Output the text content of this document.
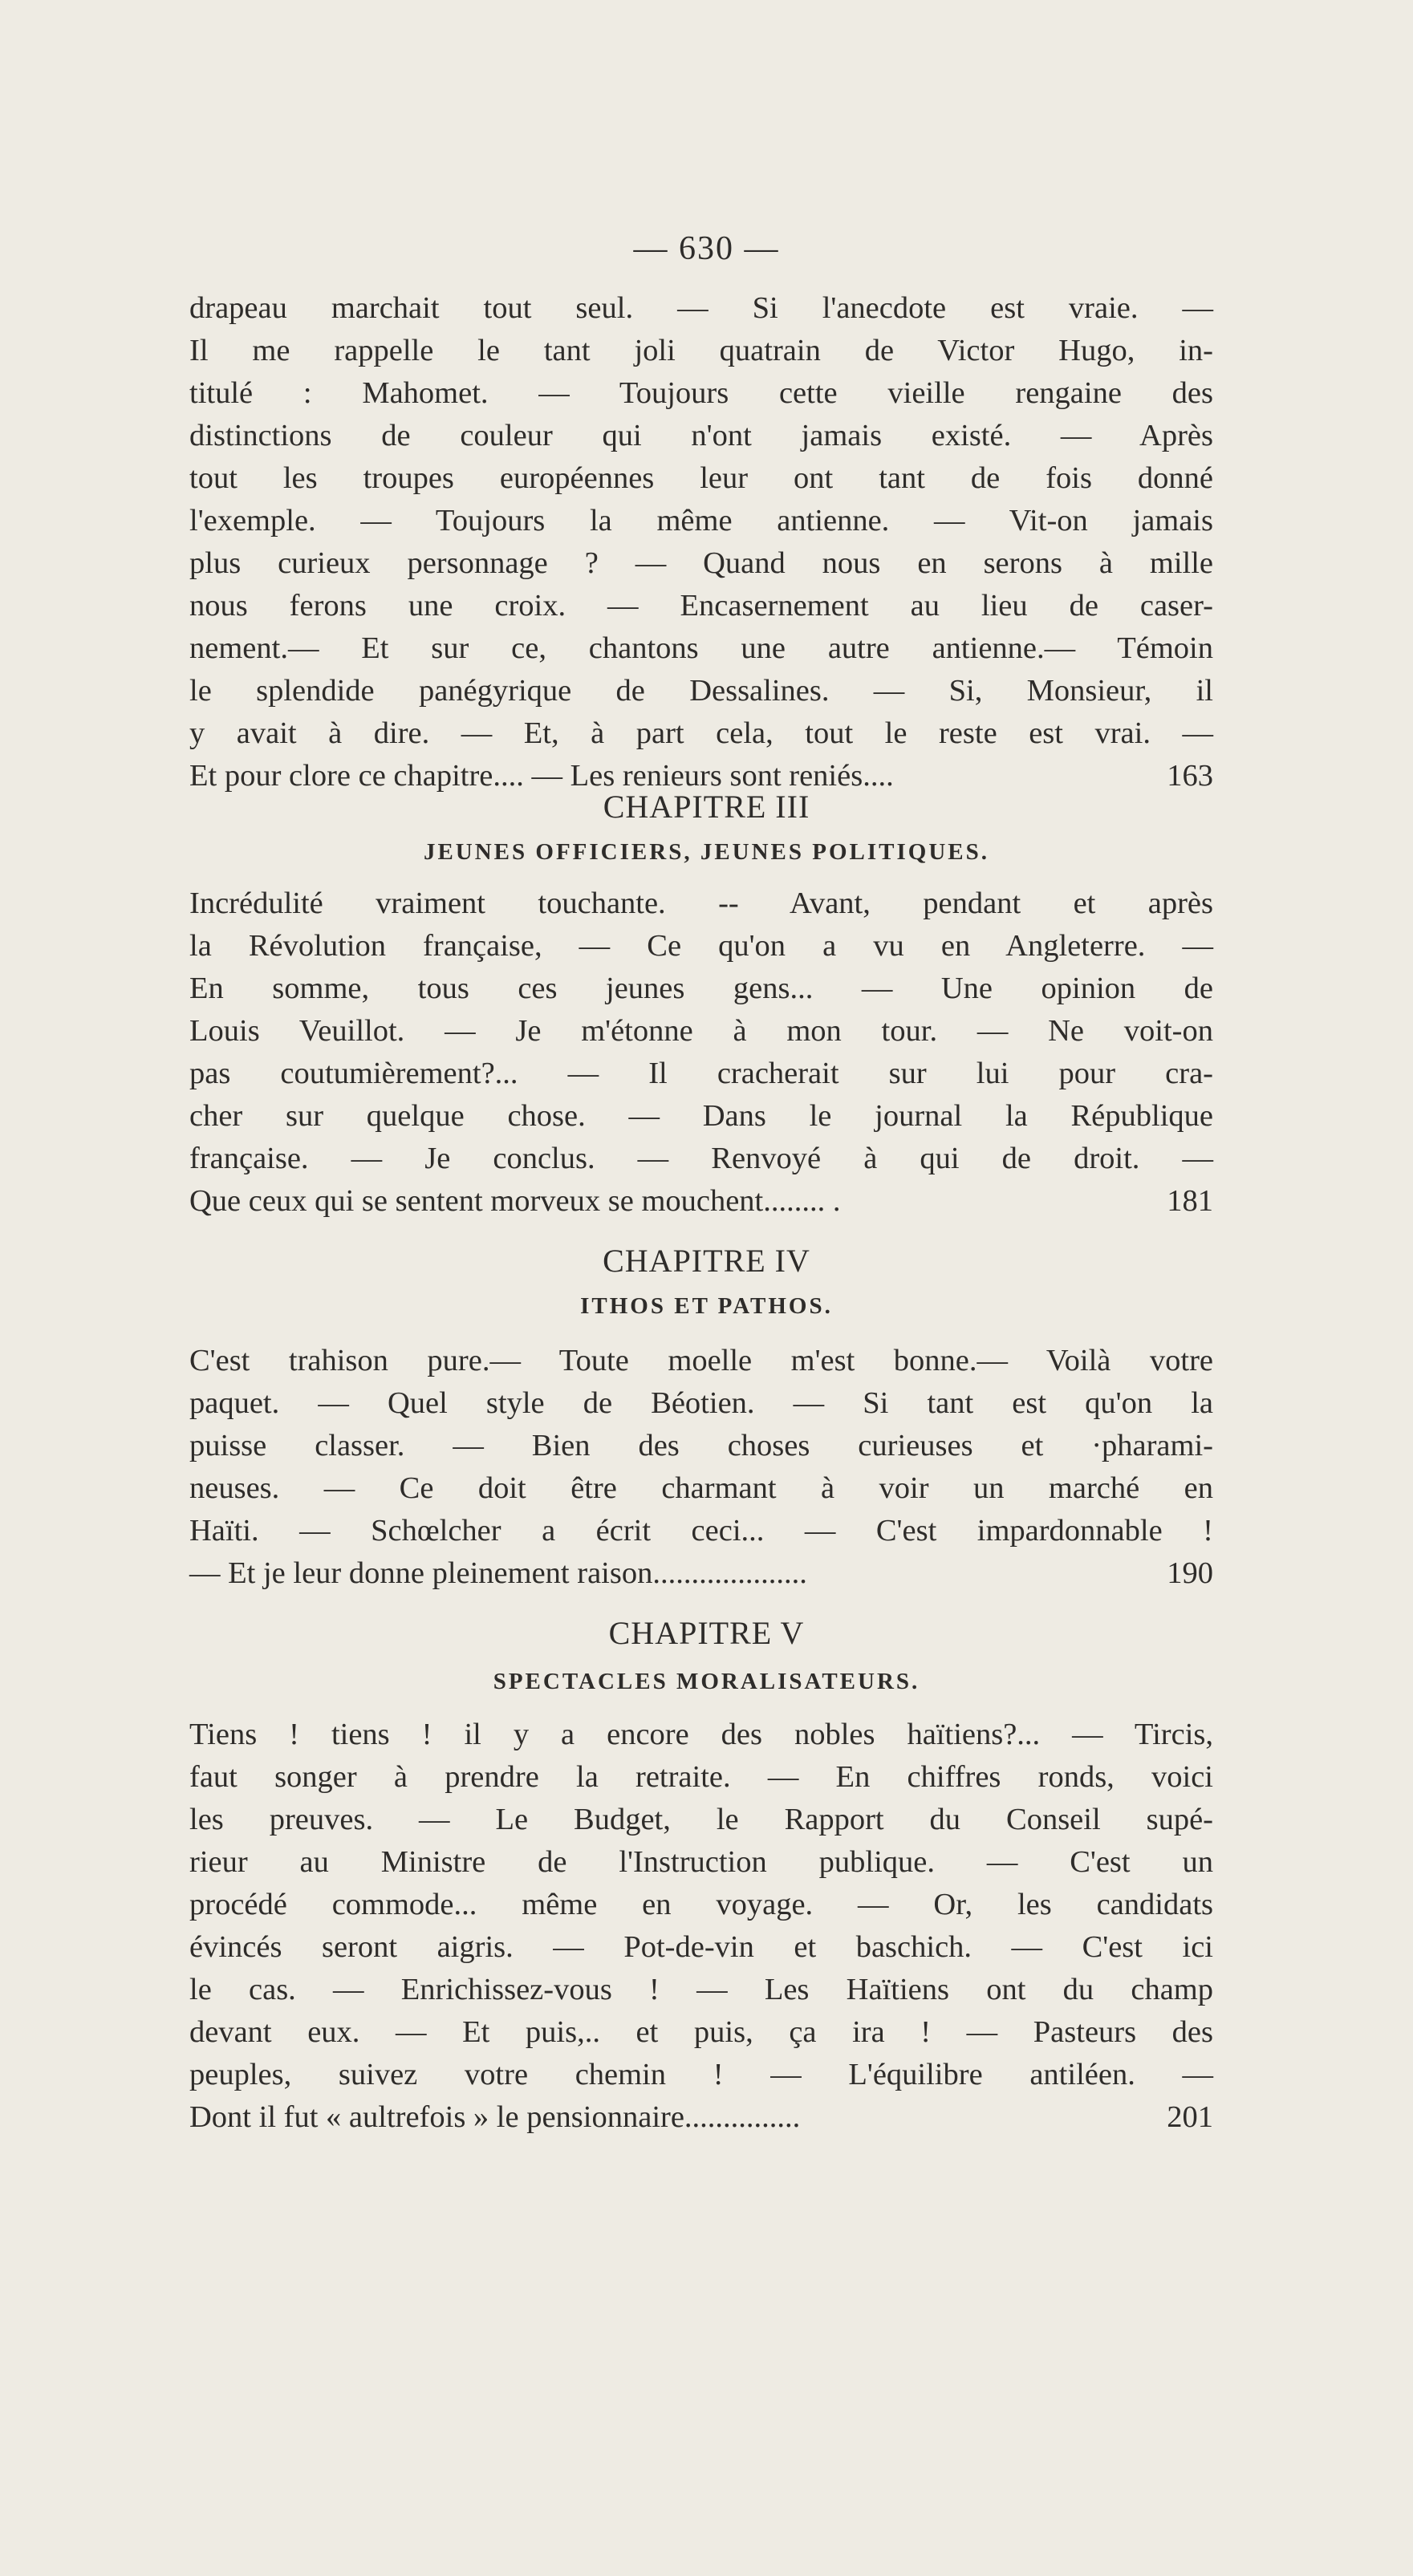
— 630 —
drapeau marchait tout seul. — Si l'anecdote est vraie. —
Il me rappelle le tant joli quatrain de Victor Hugo, in-
titulé : Mahomet. — Toujours cette vieille rengaine des
distinctions de couleur qui n'ont jamais existé. — Après
tout les troupes européennes leur ont tant de fois donné
l'exemple. — Toujours la même antienne. — Vit-on jamais
plus curieux personnage ? — Quand nous en serons à mille
nous ferons une croix. — Encasernement au lieu de caser-
nement.— Et sur ce, chantons une autre antienne.— Témoin
le splendide panégyrique de Dessalines. — Si, Monsieur, il
y avait à dire. — Et, à part cela, tout le reste est vrai. —
Et pour clore ce chapitre.... — Les renieurs sont reniés....	163
CHAPITRE III
JEUNES OFFICIERS, JEUNES POLITIQUES.
Incrédulité vraiment touchante. -- Avant, pendant et après
la Révolution française, — Ce qu'on a vu en Angleterre. —
En somme, tous ces jeunes gens... — Une opinion de
Louis Veuillot. — Je m'étonne à mon tour. — Ne voit-on
pas coutumièrement?... — Il cracherait sur lui pour cra-
cher sur quelque chose. — Dans le journal la République
française. — Je conclus. — Renvoyé à qui de droit. —
Que ceux qui se sentent morveux se mouchent........ .	181
CHAPITRE IV
ITHOS ET PATHOS.
C'est trahison pure.— Toute moelle m'est bonne.— Voilà votre
paquet. — Quel style de Béotien. — Si tant est qu'on la
puisse classer. — Bien des choses curieuses et ·pharami-
neuses. — Ce doit être charmant à voir un marché en
Haïti. — Schœlcher a écrit ceci... — C'est impardonnable !
— Et je leur donne pleinement raison....................	190
CHAPITRE V
SPECTACLES MORALISATEURS.
Tiens ! tiens ! il y a encore des nobles haïtiens?... — Tircis,
faut songer à prendre la retraite. — En chiffres ronds, voici
les preuves. — Le Budget, le Rapport du Conseil supé-
rieur au Ministre de l'Instruction publique. — C'est un
procédé commode... même en voyage. — Or, les candidats
évincés seront aigris. — Pot-de-vin et baschich. — C'est ici
le cas. — Enrichissez-vous ! — Les Haïtiens ont du champ
devant eux. — Et puis,.. et puis, ça ira ! — Pasteurs des
peuples, suivez votre chemin ! — L'équilibre antiléen. —
Dont il fut « aultrefois » le pensionnaire...............	201
